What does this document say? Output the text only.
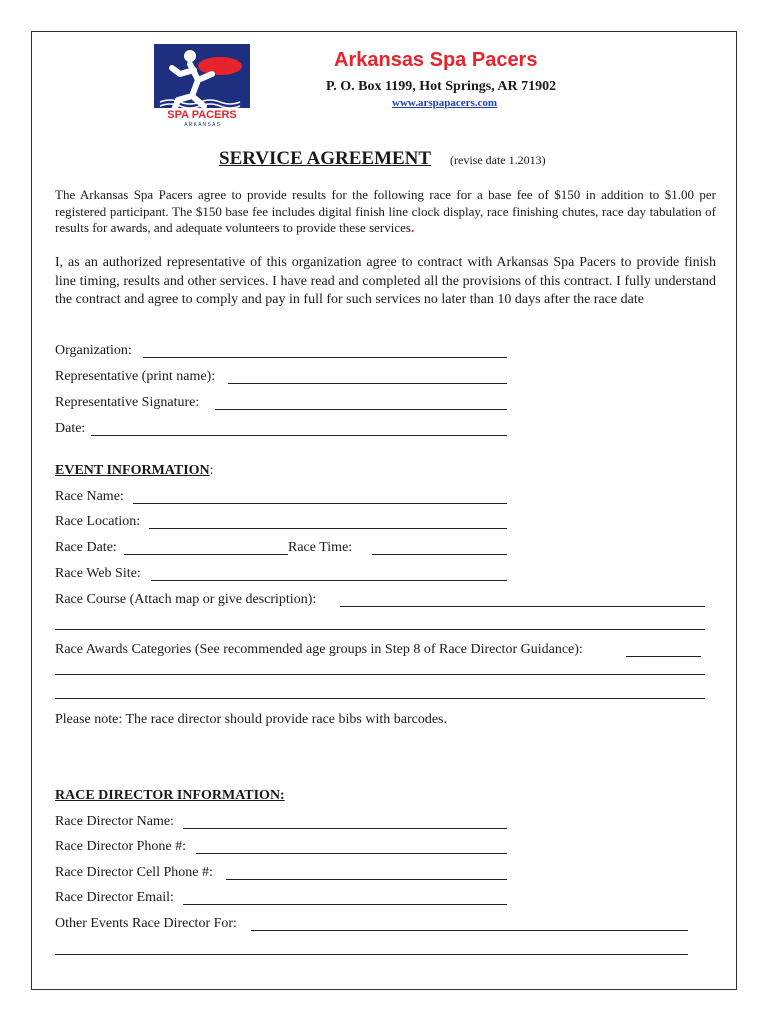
SPA PACERS
A R K A N S A S
Arkansas Spa Pacers
P. O. Box 1199, Hot Springs, AR 71902
www.arspapacers.com
SERVICE AGREEMENT (revise date 1.2013)
The Arkansas Spa Pacers agree to provide results for the following race for a base fee of $150 in addition to $1.00 per registered participant. The $150 base fee includes digital finish line clock display, race finishing chutes, race day tabulation of results for awards, and adequate volunteers to provide these services.
I, as an authorized representative of this organization agree to contract with Arkansas Spa Pacers to provide finish line timing, results and other services. I have read and completed all the provisions of this contract. I fully understand the contract and agree to comply and pay in full for such services no later than 10 days after the race date
Organization:
Representative (print name):
Representative Signature:
Date:
EVENT INFORMATION:
Race Name:
Race Location:
Race Date:	Race Time:
Race Web Site:
Race Course (Attach map or give description):
Race Awards Categories (See recommended age groups in Step 8 of Race Director Guidance):
Please note: The race director should provide race bibs with barcodes.
RACE DIRECTOR INFORMATION:
Race Director Name:
Race Director Phone #:
Race Director Cell Phone #:
Race Director Email:
Other Events Race Director For:
